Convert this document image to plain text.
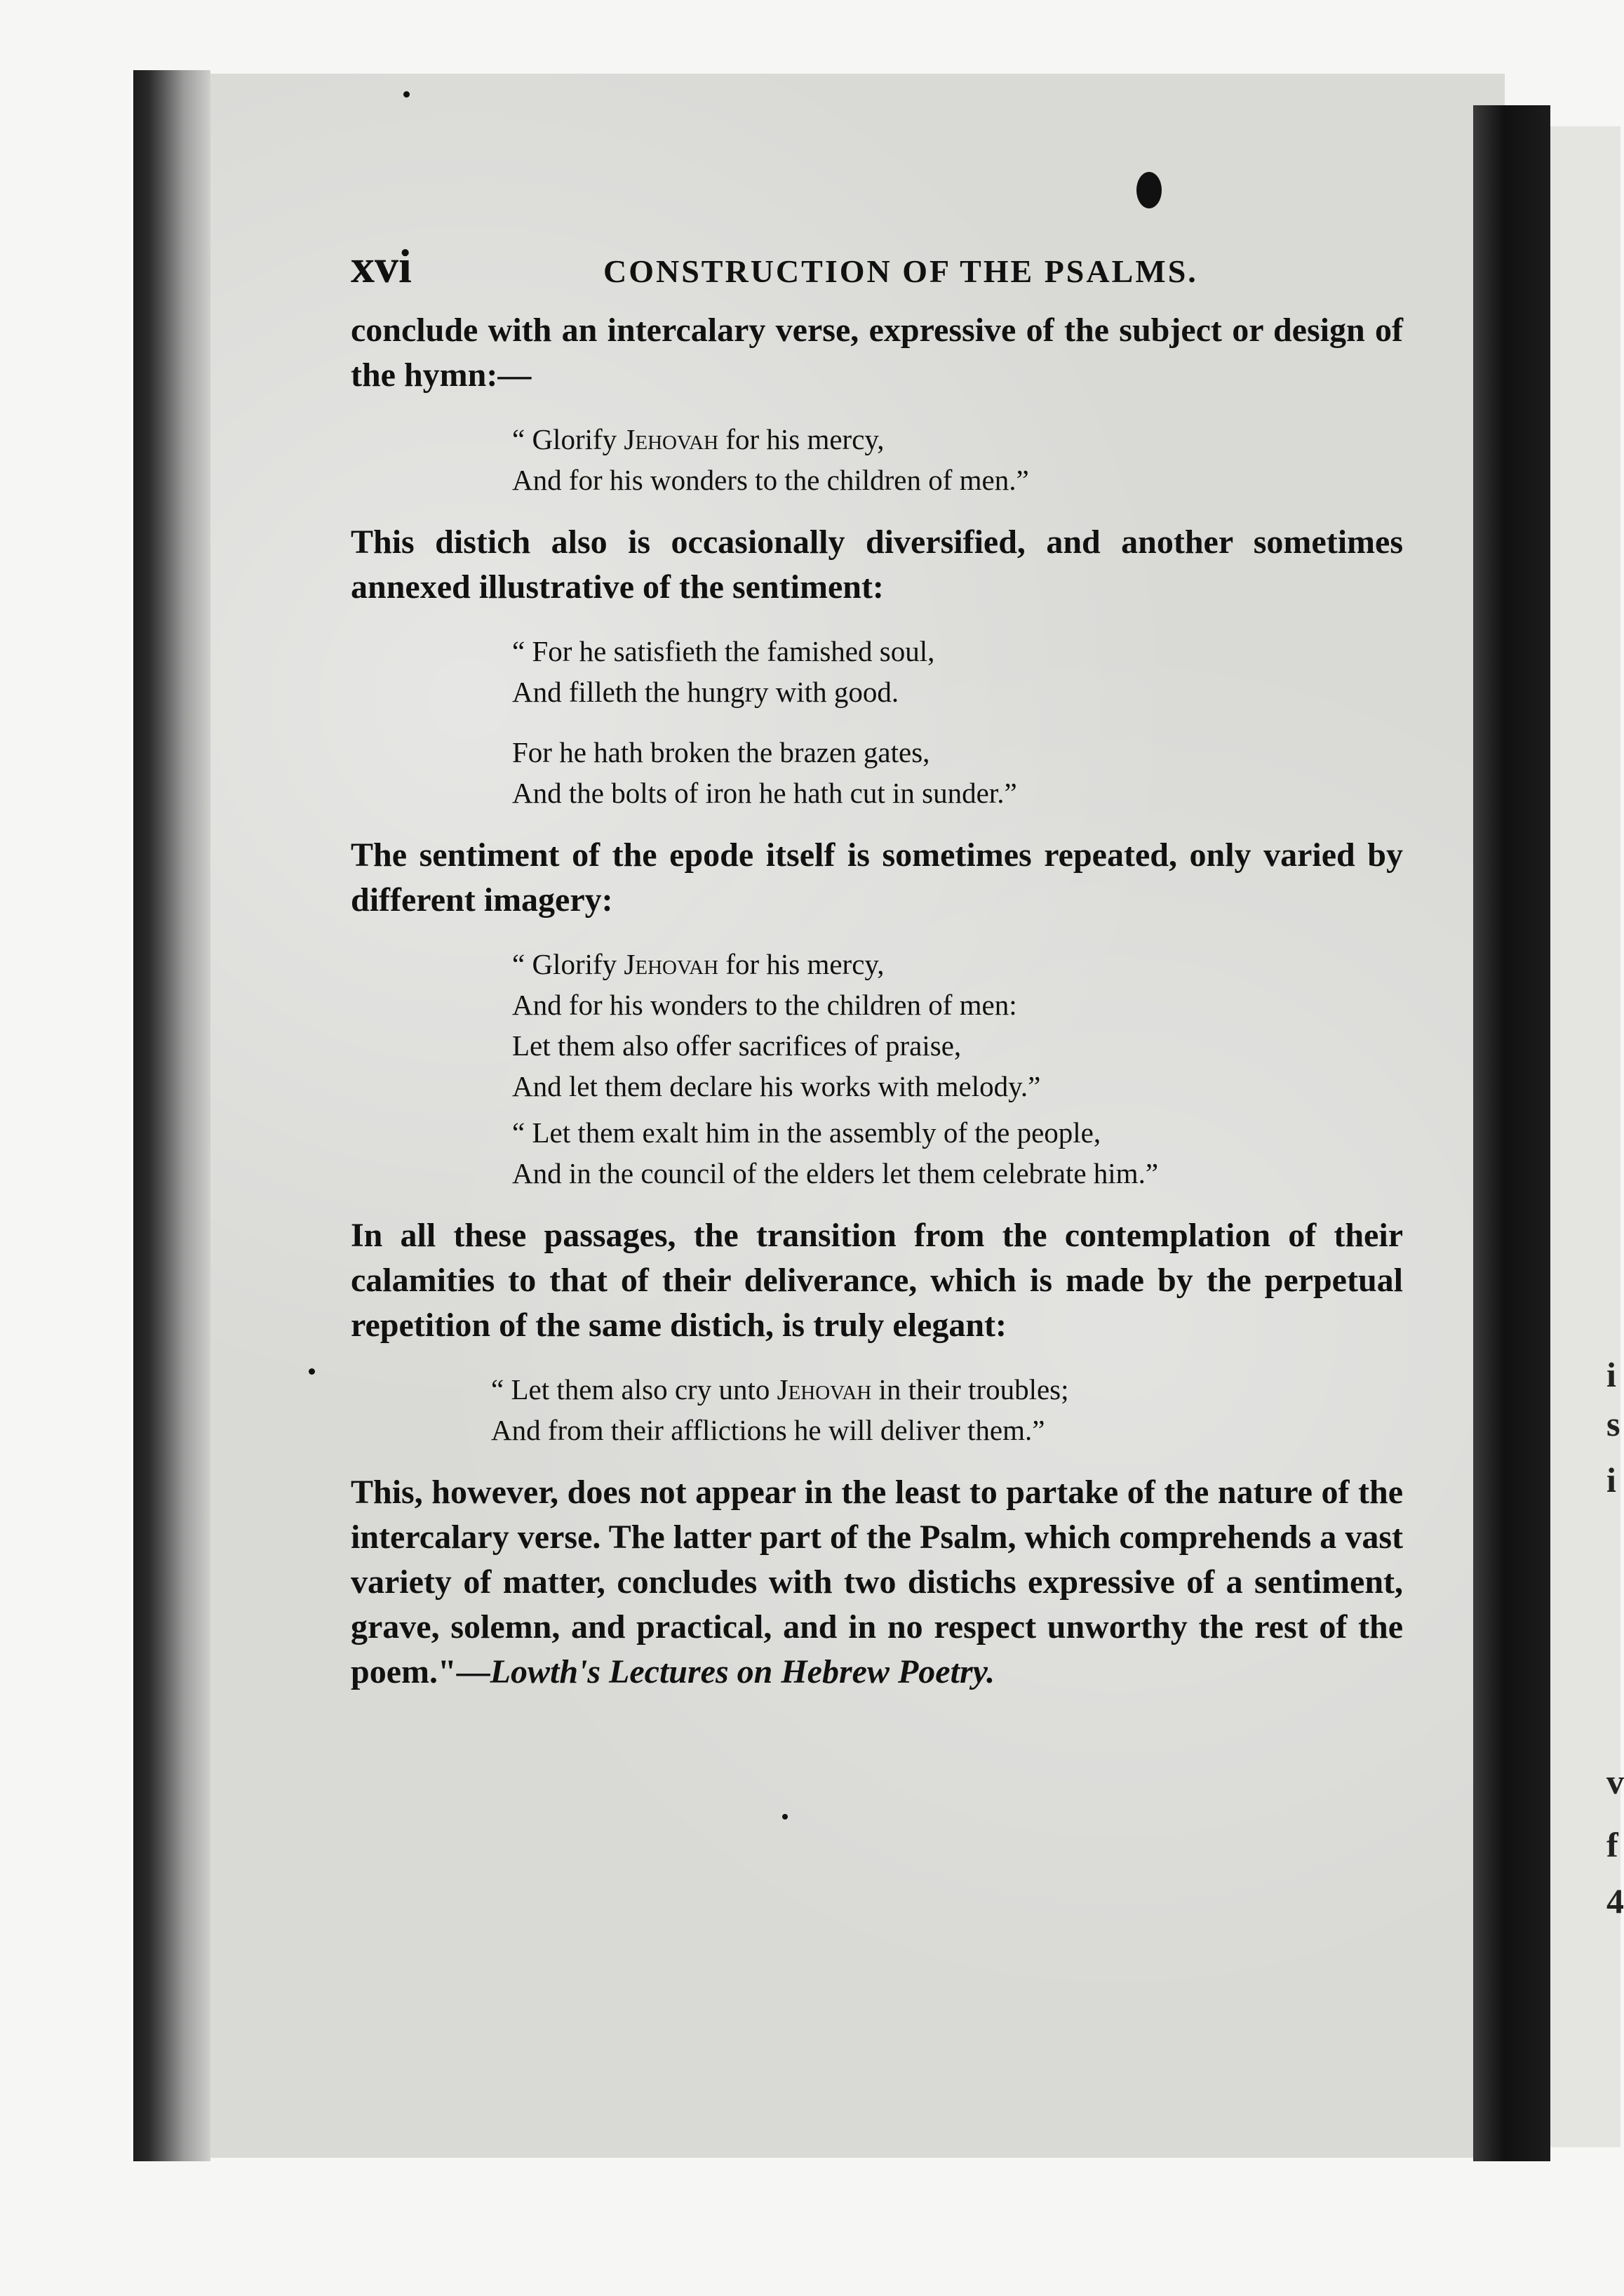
v
f
4
i
i
s
xvi	CONSTRUCTION OF THE PSALMS.

conclude with an intercalary verse, expressive of the subject or design of the hymn:—

“ Glorify Jehovah for his mercy,
And for his wonders to the children of men.”

This distich also is occasionally diversified, and another sometimes annexed illustrative of the sentiment:

“ For he satisfieth the famished soul,
And filleth the hungry with good.
For he hath broken the brazen gates,
And the bolts of iron he hath cut in sunder.”

The sentiment of the epode itself is sometimes repeated, only varied by different imagery:

“ Glorify Jehovah for his mercy,
And for his wonders to the children of men:
Let them also offer sacrifices of praise,
And let them declare his works with melody.”
“ Let them exalt him in the assembly of the people,
And in the council of the elders let them celebrate him.”

In all these passages, the transition from the contemplation of their calamities to that of their deliverance, which is made by the perpetual repetition of the same distich, is truly elegant:

“ Let them also cry unto Jehovah in their troubles;
And from their afflictions he will deliver them.”

This, however, does not appear in the least to partake of the nature of the intercalary verse. The latter part of the Psalm, which comprehends a vast variety of matter, concludes with two distichs expressive of a sentiment, grave, solemn, and practical, and in no respect unworthy the rest of the poem."—Lowth's Lectures on Hebrew Poetry.
